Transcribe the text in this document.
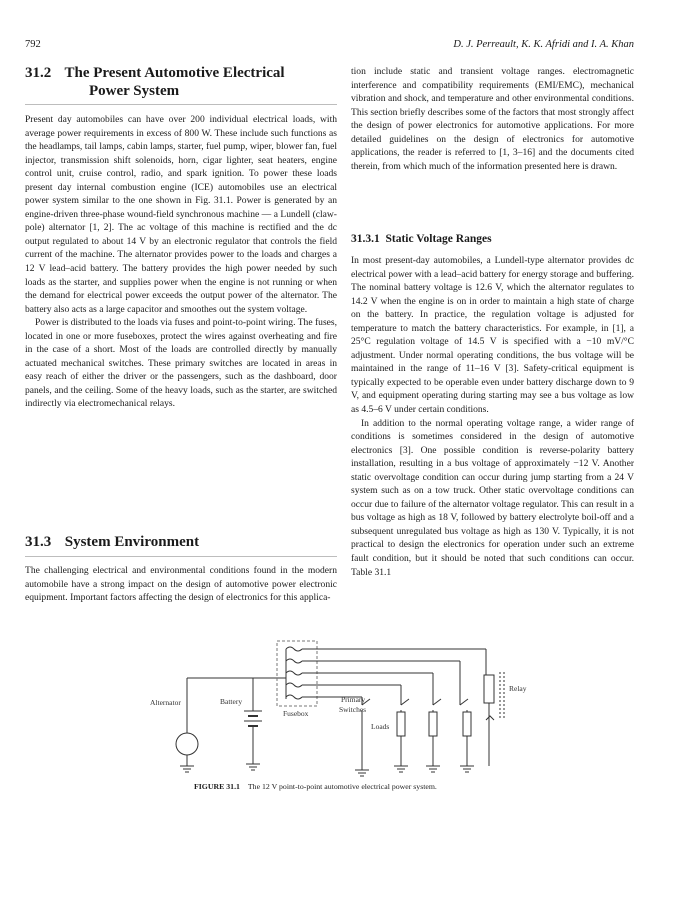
792	D. J. Perreault, K. K. Afridi and I. A. Khan
31.2 The Present Automotive Electrical
Power System

Present day automobiles can have over 200 individual electrical loads, with average power requirements in excess of 800 W. These include such functions as the headlamps, tail lamps, cabin lamps, starter, fuel pump, wiper, blower fan, fuel injector, transmission shift solenoids, horn, cigar lighter, seat heaters, engine control unit, cruise control, radio, and spark ignition. To power these loads present day internal combustion engine (ICE) automobiles use an electrical power system similar to the one shown in Fig. 31.1. Power is generated by an engine-driven three-phase wound-field synchronous machine — a Lundell (claw-pole) alternator [1, 2]. The ac voltage of this machine is rectified and the dc output regulated to about 14 V by an electronic regulator that controls the field current of the machine. The alternator provides power to the loads and charges a 12 V lead–acid battery. The battery provides the high power needed by such loads as the starter, and supplies power when the engine is not running or when the demand for electrical power exceeds the output power of the alternator. The battery also acts as a large capacitor and smoothes out the system voltage.

Power is distributed to the loads via fuses and point-to-point wiring. The fuses, located in one or more fuseboxes, protect the wires against overheating and fire in the case of a short. Most of the loads are controlled directly by manually actuated mechanical switches. These primary switches are located in areas in easy reach of either the driver or the passengers, such as the dashboard, door panels, and the ceiling. Some of the heavy loads, such as the starter, are switched indirectly via electromechanical relays.

31.3 System Environment

The challenging electrical and environmental conditions found in the modern automobile have a strong impact on the design of automotive power electronic equipment. Important factors affecting the design of electronics for this applica-

tion include static and transient voltage ranges. electromagnetic interference and compatibility requirements (EMI/EMC), mechanical vibration and shock, and temperature and other environmental conditions. This section briefly describes some of the factors that most strongly affect the design of power electronics for automotive applications. For more detailed guidelines on the design of electronics for automotive applications, the reader is referred to [1, 3–16] and the documents cited therein, from which much of the information presented here is drawn.

31.3.1 Static Voltage Ranges

In most present-day automobiles, a Lundell-type alternator provides dc electrical power with a lead–acid battery for energy storage and buffering. The nominal battery voltage is 12.6 V, which the alternator regulates to 14.2 V when the engine is on in order to maintain a high state of charge on the battery. In practice, the regulation voltage is adjusted for temperature to match the battery characteristics. For example, in [1], a 25°C regulation voltage of 14.5 V is specified with a −10 mV/°C adjustment. Under normal operating conditions, the bus voltage will be maintained in the range of 11–16 V [3]. Safety-critical equipment is typically expected to be operable even under battery discharge down to 9 V, and equipment operating during starting may see a bus voltage as low as 4.5–6 V under certain conditions.

In addition to the normal operating voltage range, a wider range of conditions is sometimes considered in the design of automotive electronics [3]. One possible condition is reverse-polarity battery installation, resulting in a bus voltage of approximately −12 V. Another static overvoltage condition can occur during jump starting from a 24 V system such as on a tow truck. Other static overvoltage conditions can occur due to failure of the alternator voltage regulator. This can result in a bus voltage as high as 18 V, followed by battery electrolyte boil-off and a subsequent unregulated bus voltage as high as 130 V. Typically, it is not practical to design the electronics for operation under such an extreme fault condition, but it should be noted that such conditions can occur. Table 31.1

Alternator	Battery
Fusebox
Primary
Switches
Loads
Relay
FIGURE 31.1 The 12 V point-to-point automotive electrical power system.
